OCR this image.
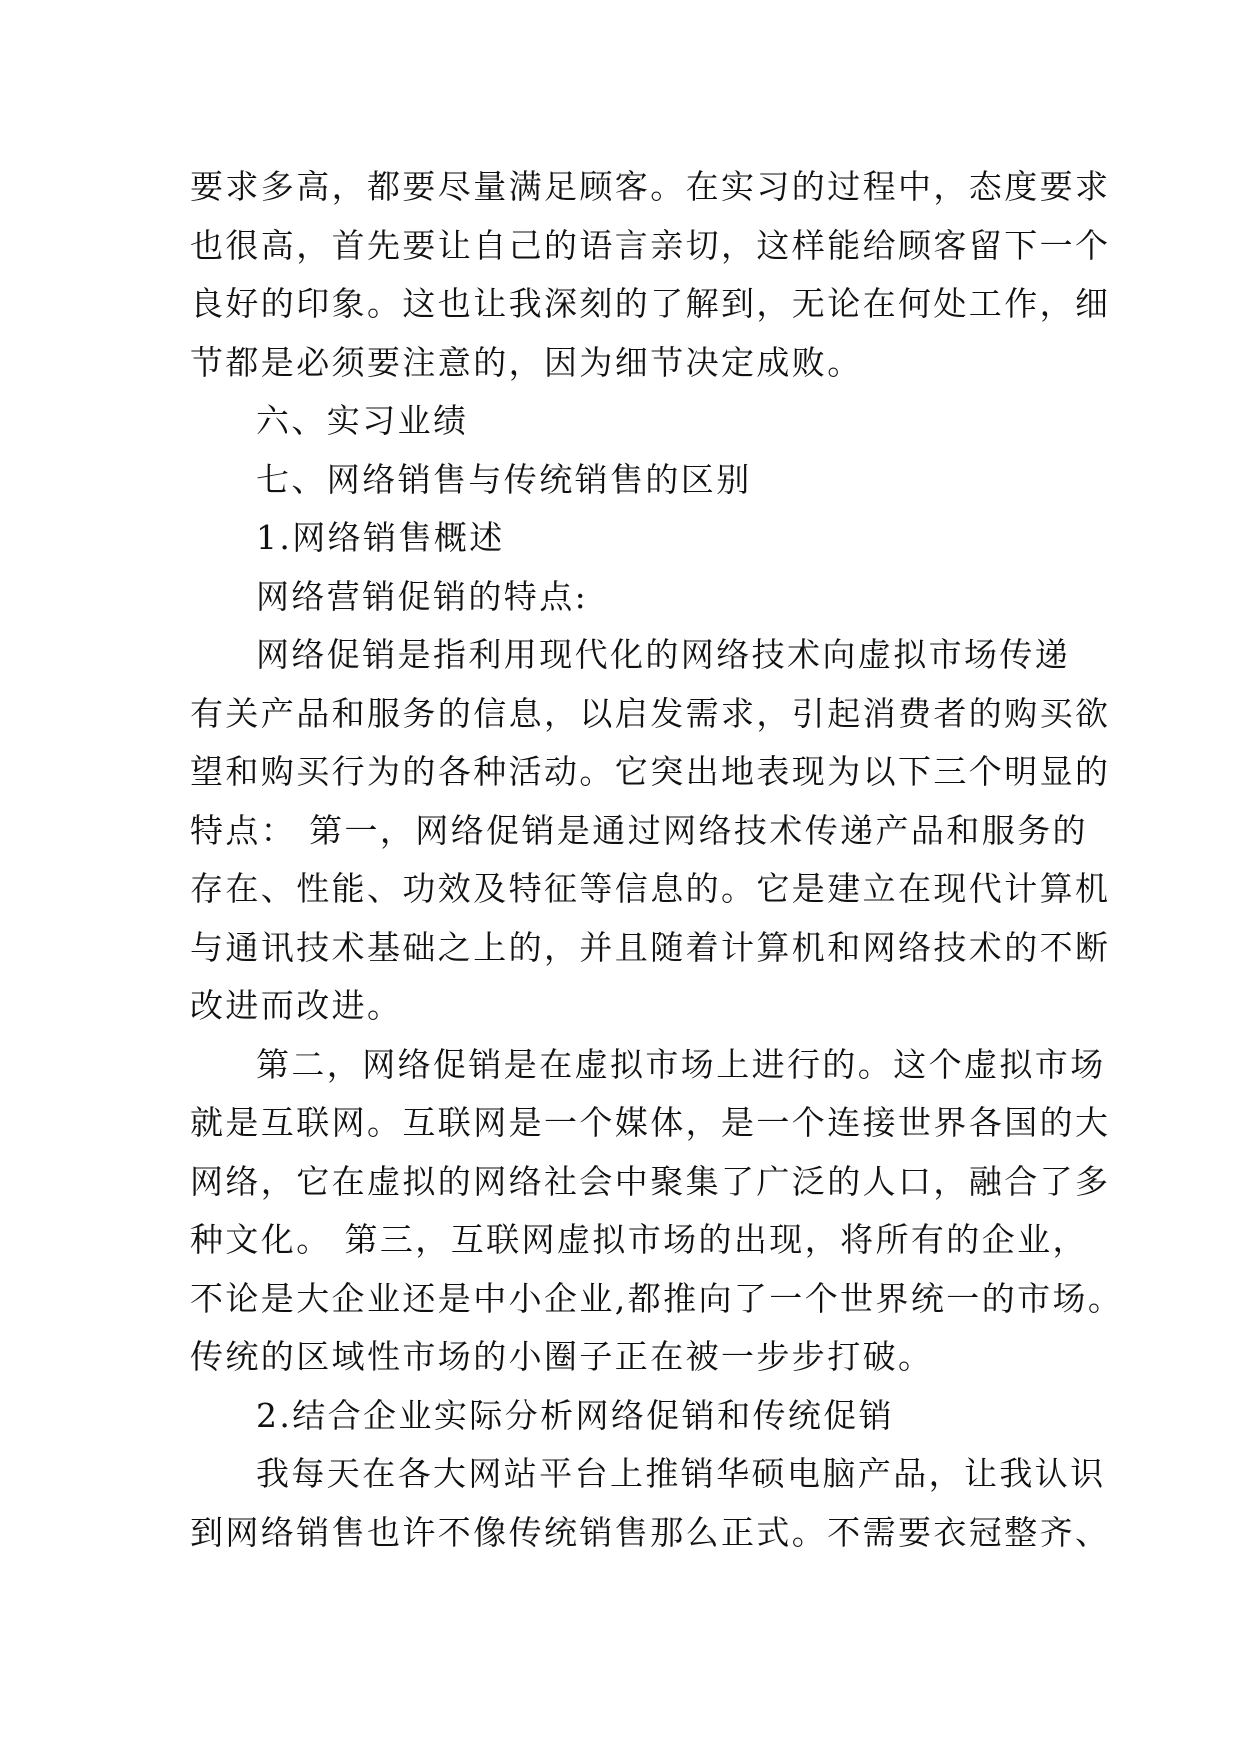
要求多高，都要尽量满足顾客。在实习的过程中，态度要求
也很高，首先要让自己的语言亲切，这样能给顾客留下一个
良好的印象。这也让我深刻的了解到，无论在何处工作，细
节都是必须要注意的，因为细节决定成败。
六、实习业绩
七、网络销售与传统销售的区别
1.网络销售概述
网络营销促销的特点:
网络促销是指利用现代化的网络技术向虚拟市场传递
有关产品和服务的信息，以启发需求，引起消费者的购买欲
望和购买行为的各种活动。它突出地表现为以下三个明显的
特点： 第一，网络促销是通过网络技术传递产品和服务的
存在、性能、功效及特征等信息的。它是建立在现代计算机
与通讯技术基础之上的，并且随着计算机和网络技术的不断
改进而改进。
第二，网络促销是在虚拟市场上进行的。这个虚拟市场
就是互联网。互联网是一个媒体，是一个连接世界各国的大
网络，它在虚拟的网络社会中聚集了广泛的人口，融合了多
种文化。 第三，互联网虚拟市场的出现，将所有的企业，
不论是大企业还是中小企业,都推向了一个世界统一的市场。
传统的区域性市场的小圈子正在被一步步打破。
2.结合企业实际分析网络促销和传统促销
我每天在各大网站平台上推销华硕电脑产品，让我认识
到网络销售也许不像传统销售那么正式。不需要衣冠整齐、
